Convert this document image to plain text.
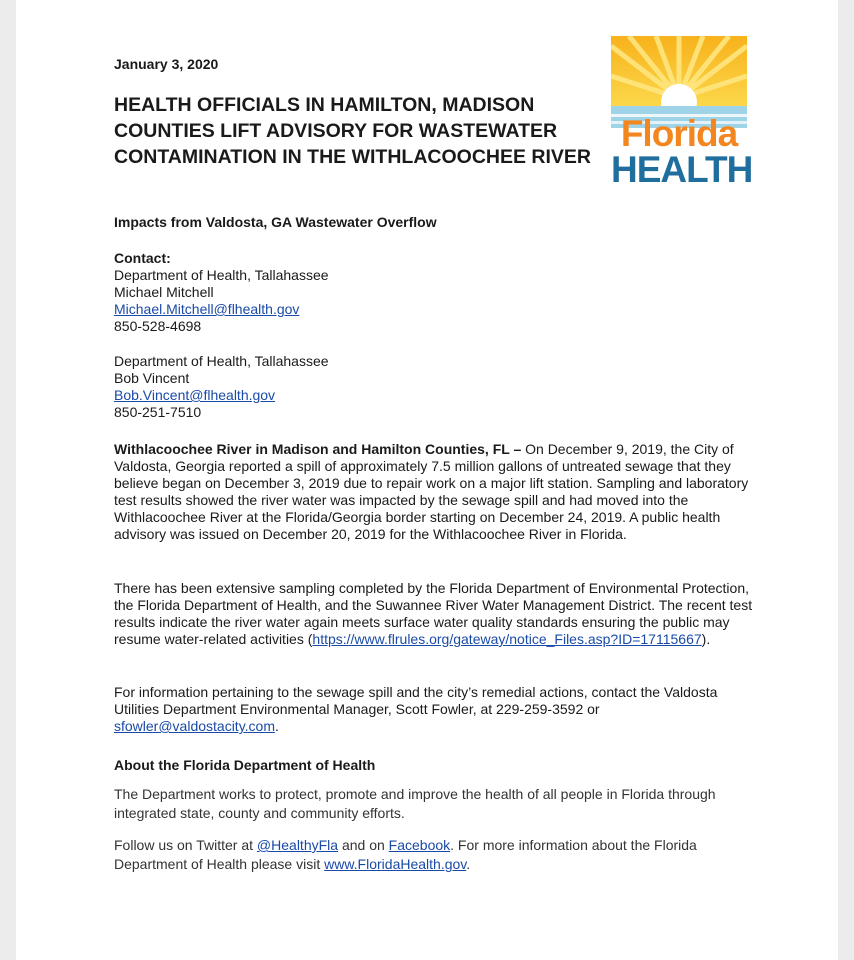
Florida
HEALTH
January 3, 2020
HEALTH OFFICIALS IN HAMILTON, MADISON COUNTIES LIFT ADVISORY FOR WASTEWATER CONTAMINATION IN THE WITHLACOOCHEE RIVER
Impacts from Valdosta, GA Wastewater Overflow
Contact:
Department of Health, Tallahassee
Michael Mitchell
Michael.Mitchell@flhealth.gov
850-528-4698
Department of Health, Tallahassee
Bob Vincent
Bob.Vincent@flhealth.gov
850-251-7510

Withlacoochee River in Madison and Hamilton Counties, FL – On December 9, 2019, the City of Valdosta, Georgia reported a spill of approximately 7.5 million gallons of untreated sewage that they believe began on December 3, 2019 due to repair work on a major lift station. Sampling and laboratory test results showed the river water was impacted by the sewage spill and had moved into the Withlacoochee River at the Florida/Georgia border starting on December 24, 2019. A public health advisory was issued on December 20, 2019 for the Withlacoochee River in Florida.

There has been extensive sampling completed by the Florida Department of Environmental Protection, the Florida Department of Health, and the Suwannee River Water Management District. The recent test results indicate the river water again meets surface water quality standards ensuring the public may resume water-related activities (https://www.flrules.org/gateway/notice_Files.asp?ID=17115667).

For information pertaining to the sewage spill and the city’s remedial actions, contact the Valdosta Utilities Department Environmental Manager, Scott Fowler, at 229-259-3592 or sfowler@valdostacity.com.

About the Florida Department of Health

The Department works to protect, promote and improve the health of all people in Florida through integrated state, county and community efforts.

Follow us on Twitter at @HealthyFla and on Facebook. For more information about the Florida Department of Health please visit www.FloridaHealth.gov.
